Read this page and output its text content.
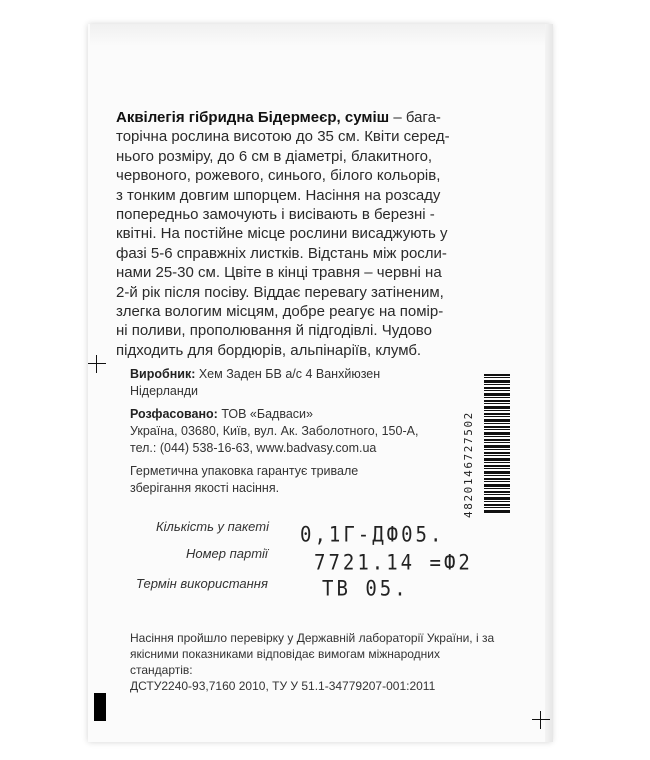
Аквілегія гібридна Бідермеєр, суміш – бага-
торічна рослина висотою до 35 см. Квіти серед-
нього розміру, до 6 см в діаметрі, блакитного,
червоного, рожевого, синього, білого кольорів,
з тонким довгим шпорцем. Насіння на розсаду
попередньо замочують і висівають в березні -
квітні. На постійне місце рослини висаджують у
фазі 5-6 справжніх листків. Відстань між росли-
нами 25-30 см. Цвіте в кінці травня – червні на
2-й рік після посіву. Віддає перевагу затіненим,
злегка вологим місцям, добре реагує на помір-
ні поливи, прополювання й підгодівлі. Чудово
підходить для бордюрів, альпінаріїв, клумб.
Виробник: Хем Заден БВ а/с 4 Ванхйюзен
Нідерланди
Розфасовано: ТОВ «Бадваси»
Україна, 03680, Київ, вул. Ак. Заболотного, 150-А,
тел.: (044) 538-16-63, www.badvasy.com.ua
Герметична упаковка гарантує тривале
зберігання якості насіння.
Кількість у пакеті 0,1Г-ДФ05.
Номер партії 7721.14 =Ф2
Термін використання	ТВ 05.
Насіння пройшло перевірку у Державній лабораторії України, і за
якісними показниками відповідає вимогам міжнародних стандартів:
ДСТУ2240-93,7160 2010, ТУ У 51.1-34779207-001:2011
4820146727502
